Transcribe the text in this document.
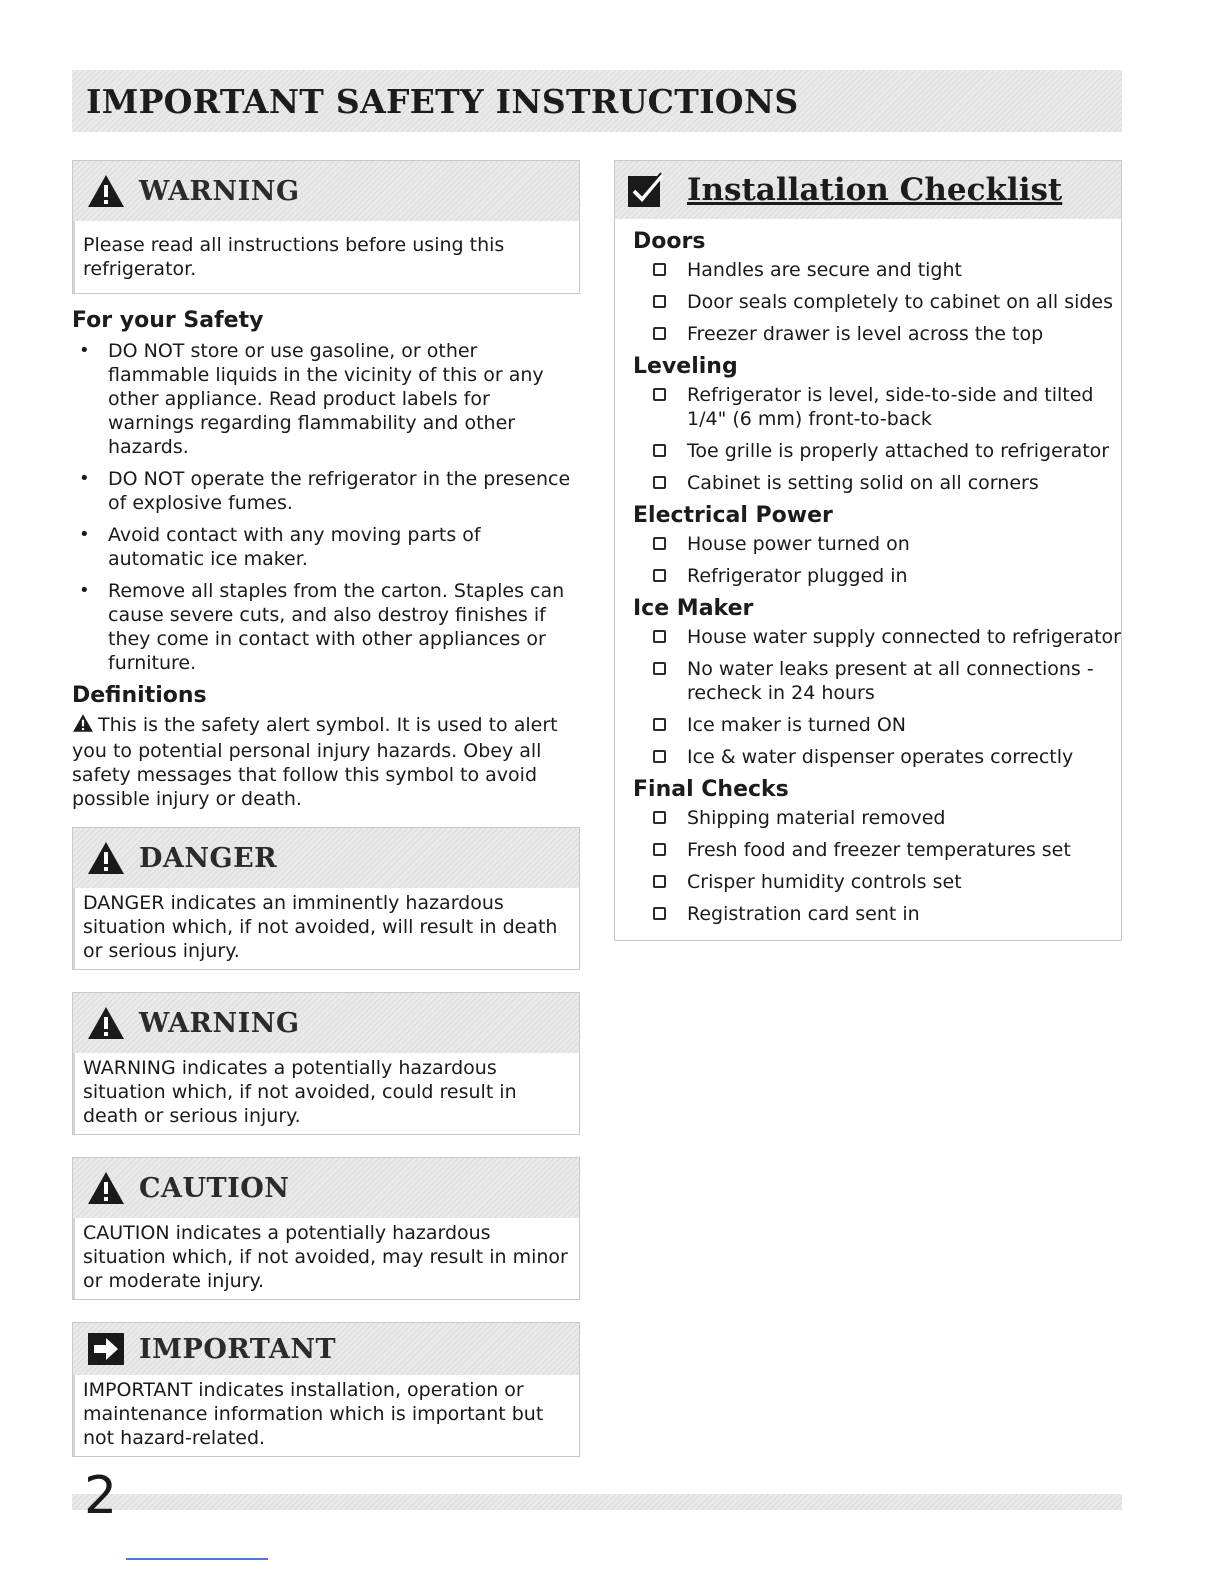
IMPORTANT SAFETY INSTRUCTIONS
WARNING
Please read all instructions before using this refrigerator.
For your Safety
• DO NOT store or use gasoline, or other flammable liquids in the vicinity of this or any other appliance. Read product labels for warnings regarding flammability and other hazards.
• DO NOT operate the refrigerator in the presence of explosive fumes.
• Avoid contact with any moving parts of automatic ice maker.
• Remove all staples from the carton. Staples can cause severe cuts, and also destroy finishes if they come in contact with other appliances or furniture.
Definitions

This is the safety alert symbol. It is used to alert you to potential personal injury hazards. Obey all safety messages that follow this symbol to avoid possible injury or death.

DANGER
DANGER indicates an imminently hazardous situation which, if not avoided, will result in death or serious injury.
WARNING
WARNING indicates a potentially hazardous situation which, if not avoided, could result in death or serious injury.
CAUTION
CAUTION indicates a potentially hazardous situation which, if not avoided, may result in minor or moderate injury.
IMPORTANT
IMPORTANT indicates installation, operation or maintenance information which is important but not hazard-related.
Installation Checklist
Doors
Handles are secure and tight
Door seals completely to cabinet on all sides
Freezer drawer is level across the top
Leveling
Refrigerator is level, side-to-side and tilted 1/4" (6 mm) front-to-back
Toe grille is properly attached to refrigerator
Cabinet is setting solid on all corners
Electrical Power
House power turned on
Refrigerator plugged in
Ice Maker
House water supply connected to refrigerator
No water leaks present at all connections - recheck in 24 hours
Ice maker is turned ON
Ice & water dispenser operates correctly
Final Checks
Shipping material removed
Fresh food and freezer temperatures set
Crisper humidity controls set
Registration card sent in
2
